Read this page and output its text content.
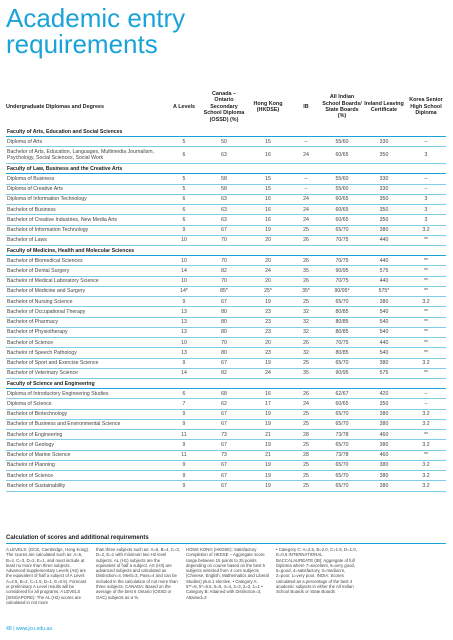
Academic entry requirements
Undergraduate Diplomas and Degrees	A Levels	Canada – Ontario Secondary School Diploma (OSSD) (%)	Hong Kong (HKDSE)	IB	All Indian School Boards/ State Boards (%)	Ireland Leaving Certificate	Korea Senior High School Diploma
Faculty of Arts, Education and Social Sciences							
Diploma of Arts	5	50	15	–	55/60	330	–
Bachelor of Arts, Education, Languages, Multimedia Journalism, Psychology, Social Sciences, Social Work	6	63	16	24	60/65	350	3
Faculty of Law, Business and the Creative Arts							
Diploma of Business	5	58	15	–	55/60	330	–
Diploma of Creative Arts	5	58	15	–	55/60	330	–
Diploma of Information Technology	6	63	16	24	60/65	350	3
Bachelor of Business	6	63	16	24	60/65	350	3
Bachelor of Creative Industries, New Media Arts	6	63	16	24	60/65	350	3
Bachelor of Information Technology	9	67	19	25	65/70	380	3.2
Bachelor of Laws	10	70	20	26	70/75	440	**
Faculty of Medicine, Health and Molecular Sciences							
Bachelor of Biomedical Sciences	10	70	20	26	70/75	440	**
Bachelor of Dental Surgery	14	82	24	35	90/95	575	**
Bachelor of Medical Laboratory Science	10	70	20	26	70/75	440	**
Bachelor of Medicine and Surgery	14*	85*	25*	35*	90/95*	575*	**
Bachelor of Nursing Science	9	67	19	25	65/70	380	3.2
Bachelor of Occupational Therapy	13	80	23	32	80/85	540	**
Bachelor of Pharmacy	13	80	23	32	80/85	540	**
Bachelor of Physiotherapy	13	80	23	32	80/85	540	**
Bachelor of Science	10	70	20	26	70/75	440	**
Bachelor of Speech Pathology	13	80	23	32	80/85	540	**
Bachelor of Sport and Exercise Science	9	67	19	25	65/70	380	3.2
Bachelor of Veterinary Science	14	82	24	35	90/95	575	**
Faculty of Science and Engineering							
Diploma of Introductory Engineering Studies	6	68	16	26	62/67	420	–
Diploma of Science	7	62	17	24	60/65	350	–
Bachelor of Biotechnology	9	67	19	25	65/70	380	3.2
Bachelor of Business and Environmental Science	9	67	19	25	65/70	380	3.2
Bachelor of Engineering	11	73	21	28	73/78	460	**
Bachelor of Geology	9	67	19	25	65/70	380	3.2
Bachelor of Marine Science	11	73	21	28	73/78	460	**
Bachelor of Planning	9	67	19	25	65/70	380	3.2
Bachelor of Science	9	67	19	25	65/70	380	3.2
Bachelor of Sustainability	9	67	19	25	65/70	380	3.2
Calculation of scores and additional requirements
A LEVELS: (GCE, Cambridge, Hong Kong). The scores are calculated such as: A=5, B=4, C=3, D=2, E=1, and must include at least no more than three subjects. Advanced Supplementary Levels (AS) are the equivalent of half a subject of A Level: A=2.5, B=2, C=1.5, D=1, E=0.5). Forecast or preliminary A Level results will be considered for all programs. A LEVELS (SINGAPORE): The AL (H2) scores are calculated in not more
than three subjects such as: A=5, B=4, C=3, D=2, E=1 with minimum two H2 level subjects. AL (H1) subjects are the equivalent of half a subject. AS (H3) are advanced subjects and calculated as Distinction=4, Merit=3, Pass=4 and can be included in the calculation of not more than three subjects. CANADA: Based on the average of the best 6 Ontario (OSSD or OAC) subjects as a %.
HONG KONG (HKDSE): Satisfactory Completion of HKDSE – Aggregate score range between 15 points to 25 points depending on course based on the best 5 subjects selected from 4 core subjects (Chinese, English, Mathematics and Liberal Studies) plus 1 elective. • Category A: 5**=6, 5*=5.5, 5=5, 4=4, 3=3, 2=2, 1=1 • Category B: Attained with Distinction=3, Attained=2
• Category C: A=2.5, B=2.0, C=1.5, D=1.0, E=0.5 INTERNATIONAL BACCALAUREATE (IB): Aggregate of full Diploma where 7=excellent, 6=very good, 5=good, 4=satisfactory, 3=mediocre, 2=poor, 1=very poor. INDIA: Scores calculated as a percentage of the best 4 academic subjects in either the All Indian School Boards or State Boards
48 | www.jcu.edu.au
